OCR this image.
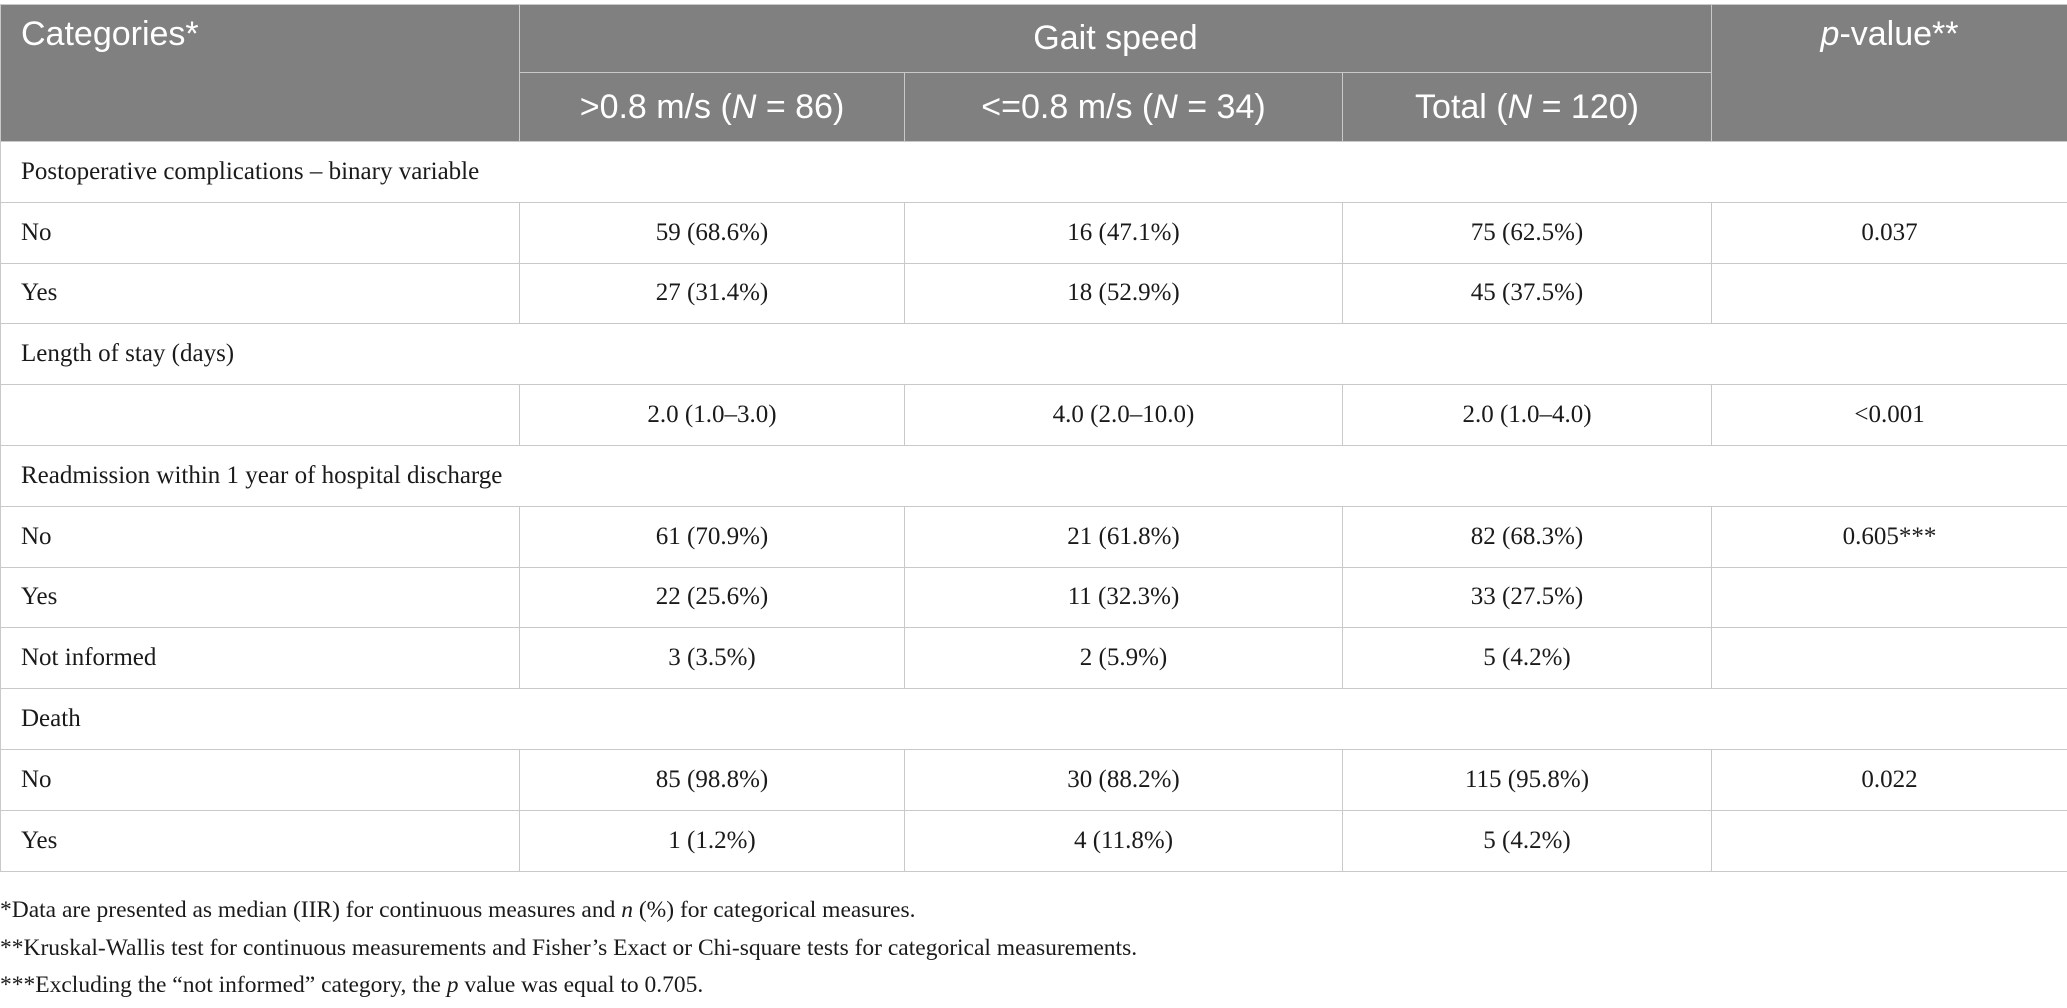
Categories*	Gait speed			p-value**
	>0.8 m/s (N = 86)	<=0.8 m/s (N = 34)	Total (N = 120)	
Postoperative complications – binary variable				
No	59 (68.6%)	16 (47.1%)	75 (62.5%)	0.037
Yes	27 (31.4%)	18 (52.9%)	45 (37.5%)	
Length of stay (days)				
	2.0 (1.0–3.0)	4.0 (2.0–10.0)	2.0 (1.0–4.0)	<0.001
Readmission within 1 year of hospital discharge				
No	61 (70.9%)	21 (61.8%)	82 (68.3%)	0.605***
Yes	22 (25.6%)	11 (32.3%)	33 (27.5%)	
Not informed	3 (3.5%)	2 (5.9%)	5 (4.2%)	
Death				
No	85 (98.8%)	30 (88.2%)	115 (95.8%)	0.022
Yes	1 (1.2%)	4 (11.8%)	5 (4.2%)	
*Data are presented as median (IIR) for continuous measures and n (%) for categorical measures.
**Kruskal-Wallis test for continuous measurements and Fisher’s Exact or Chi-square tests for categorical measurements.
***Excluding the “not informed” category, the p value was equal to 0.705.
